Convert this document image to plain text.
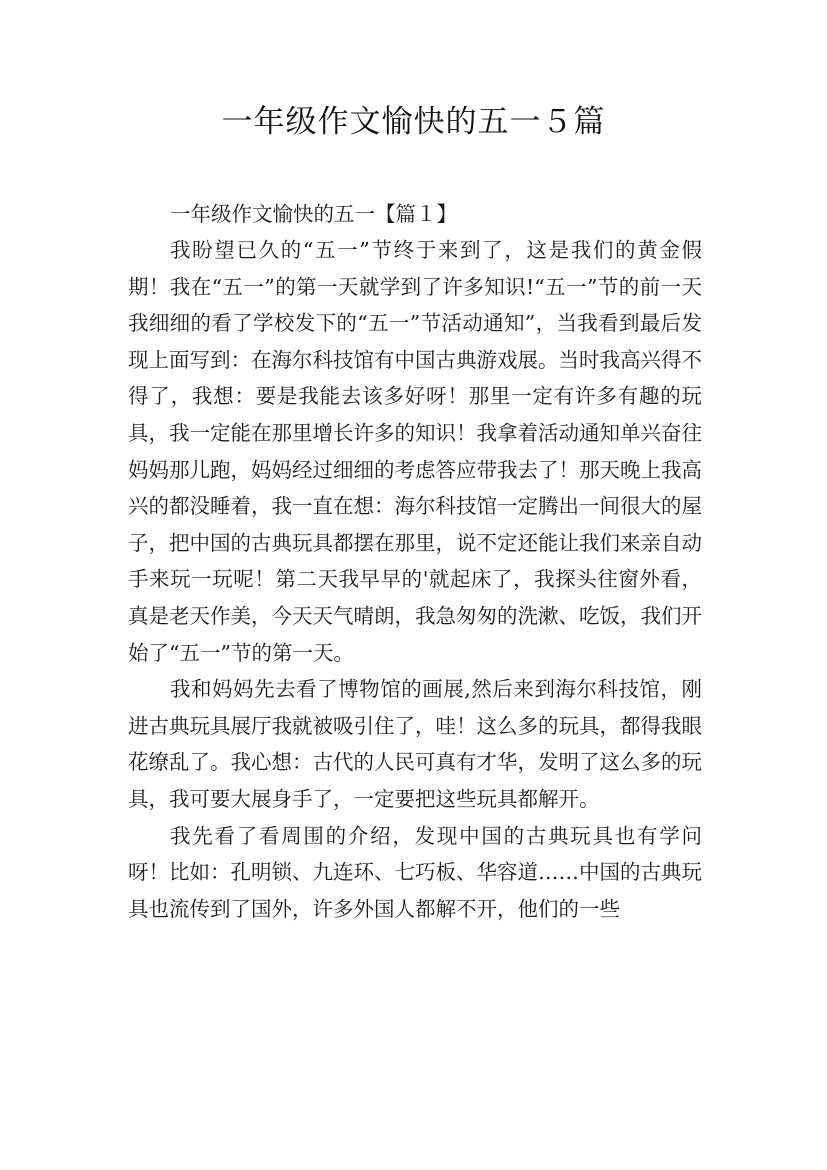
一年级作文愉快的五一５篇

一年级作文愉快的五一【篇１】

我盼望已久的“五一”节终于来到了，这是我们的黄金假期！我在“五一”的第一天就学到了许多知识!“五一”节的前一天我细细的看了学校发下的“五一”节活动通知”，当我看到最后发现上面写到：在海尔科技馆有中国古典游戏展。当时我高兴得不得了，我想：要是我能去该多好呀！那里一定有许多有趣的玩具，我一定能在那里增长许多的知识！我拿着活动通知单兴奋往妈妈那儿跑，妈妈经过细细的考虑答应带我去了！那天晚上我高兴的都没睡着，我一直在想：海尔科技馆一定腾出一间很大的屋子，把中国的古典玩具都摆在那里，说不定还能让我们来亲自动手来玩一玩呢！第二天我早早的'就起床了，我探头往窗外看，真是老天作美，今天天气晴朗，我急匆匆的洗漱、吃饭，我们开始了“五一”节的第一天。

我和妈妈先去看了博物馆的画展,然后来到海尔科技馆，刚进古典玩具展厅我就被吸引住了，哇！这么多的玩具，都得我眼花缭乱了。我心想：古代的人民可真有才华，发明了这么多的玩具，我可要大展身手了，一定要把这些玩具都解开。

我先看了看周围的介绍，发现中国的古典玩具也有学问呀！比如：孔明锁、九连环、七巧板、华容道……中国的古典玩具也流传到了国外，许多外国人都解不开，他们的一些
